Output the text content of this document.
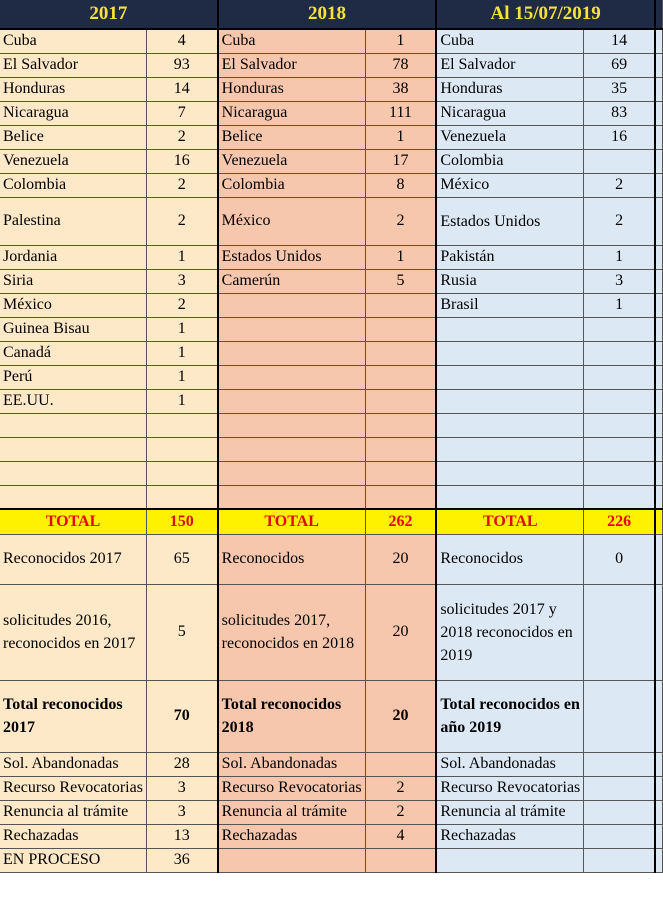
2017		2018		Al 15/07/2019		
Cuba	4	Cuba	1	Cuba	14	
El Salvador	93	El Salvador	78	El Salvador	69	
Honduras	14	Honduras	38	Honduras	35	
Nicaragua	7	Nicaragua	111	Nicaragua	83	
Belice	2	Belice	1	Venezuela	16	
Venezuela	16	Venezuela	17	Colombia		
Colombia	2	Colombia	8	México	2	
Palestina	2	México	2	Estados Unidos	2	
Jordania	1	Estados Unidos	1	Pakistán	1	
Siria	3	Camerún	5	Rusia	3	
México	2			Brasil	1	
Guinea Bisau	1					
Canadá	1					
Perú	1					
EE.UU.	1					

TOTAL	150	TOTAL	262	TOTAL	226	
Reconocidos 2017	65	Reconocidos	20	Reconocidos	0	
solicitudes 2016, reconocidos en 2017	5	solicitudes 2017, reconocidos en 2018	20	solicitudes 2017 y 2018 reconocidos en 2019		
Total reconocidos 2017	70	Total reconocidos 2018	20	Total reconocidos en año 2019		
Sol. Abandonadas	28	Sol. Abandonadas		Sol. Abandonadas		
Recurso Revocatorias	3	Recurso Revocatorias	2	Recurso Revocatorias		
Renuncia al trámite	3	Renuncia al trámite	2	Renuncia al trámite		
Rechazadas	13	Rechazadas	4	Rechazadas		
EN PROCESO	36					
